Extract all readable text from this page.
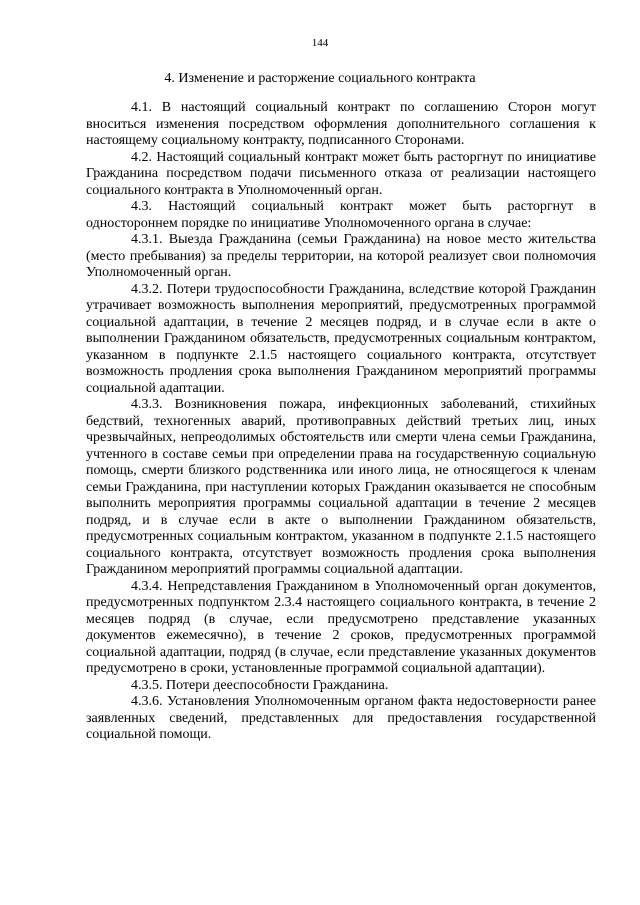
144
4. Изменение и расторжение социального контракта

4.1. В настоящий социальный контракт по соглашению Сторон могут вноситься изменения посредством оформления дополнительного соглашения к настоящему социальному контракту, подписанного Сторонами.

4.2. Настоящий социальный контракт может быть расторгнут по инициативе Гражданина посредством подачи письменного отказа от реализации настоящего социального контракта в Уполномоченный орган.

4.3. Настоящий социальный контракт может быть расторгнут в одностороннем порядке по инициативе Уполномоченного органа в случае:

4.3.1. Выезда Гражданина (семьи Гражданина) на новое место жительства (место пребывания) за пределы территории, на которой реализует свои полномочия Уполномоченный орган.

4.3.2. Потери трудоспособности Гражданина, вследствие которой Гражданин утрачивает возможность выполнения мероприятий, предусмотренных программой социальной адаптации, в течение 2 месяцев подряд, и в случае если в акте о выполнении Гражданином обязательств, предусмотренных социальным контрактом, указанном в подпункте 2.1.5 настоящего социального контракта, отсутствует возможность продления срока выполнения Гражданином мероприятий программы социальной адаптации.

4.3.3. Возникновения пожара, инфекционных заболеваний, стихийных бедствий, техногенных аварий, противоправных действий третьих лиц, иных чрезвычайных, непреодолимых обстоятельств или смерти члена семьи Гражданина, учтенного в составе семьи при определении права на государственную социальную помощь, смерти близкого родственника или иного лица, не относящегося к членам семьи Гражданина, при наступлении которых Гражданин оказывается не способным выполнить мероприятия программы социальной адаптации в течение 2 месяцев подряд, и в случае если в акте о выполнении Гражданином обязательств, предусмотренных социальным контрактом, указанном в подпункте 2.1.5 настоящего социального контракта, отсутствует возможность продления срока выполнения Гражданином мероприятий программы социальной адаптации.

4.3.4. Непредставления Гражданином в Уполномоченный орган документов, предусмотренных подпунктом 2.3.4 настоящего социального контракта, в течение 2 месяцев подряд (в случае, если предусмотрено представление указанных документов ежемесячно), в течение 2 сроков, предусмотренных программой социальной адаптации, подряд (в случае, если представление указанных документов предусмотрено в сроки, установленные программой социальной адаптации).

4.3.5. Потери дееспособности Гражданина.

4.3.6. Установления Уполномоченным органом факта недостоверности ранее заявленных сведений, представленных для предоставления государственной социальной помощи.
